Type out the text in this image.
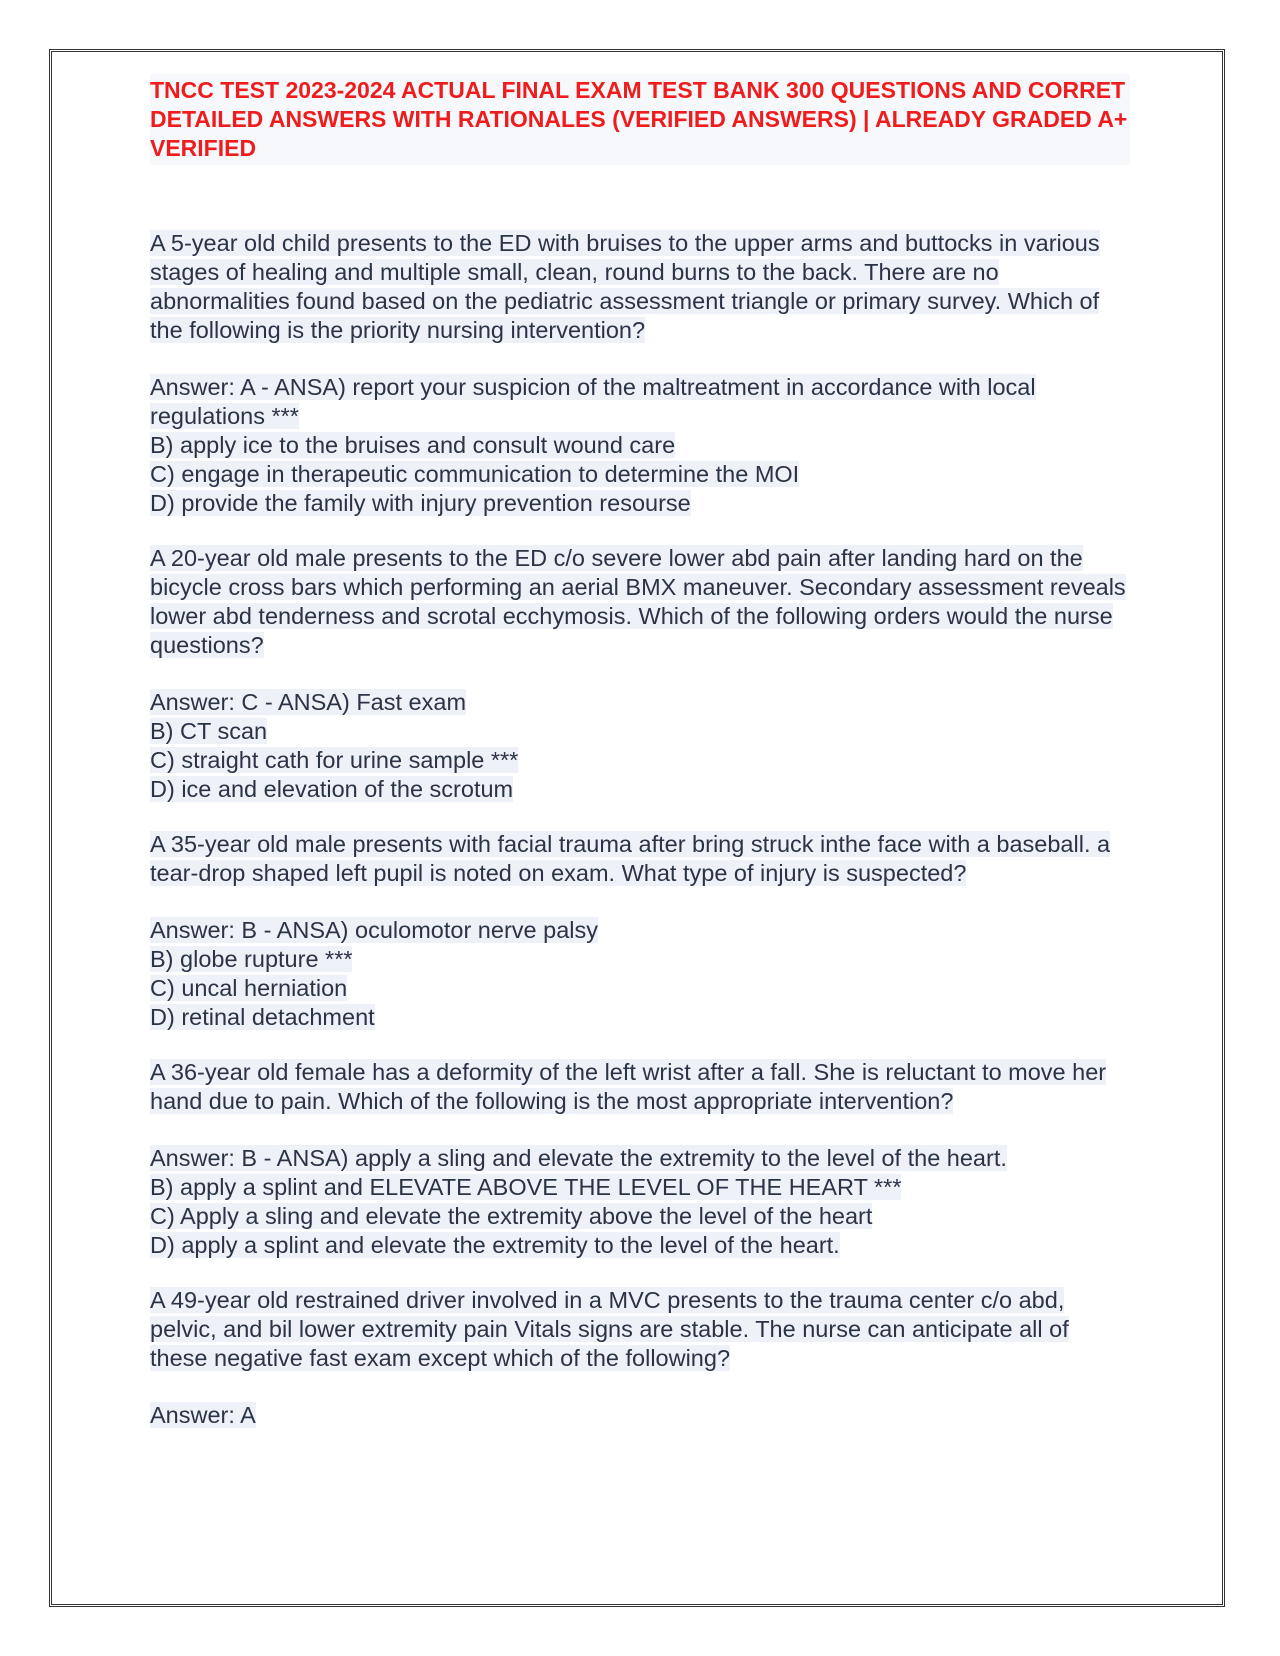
TNCC TEST 2023-2024 ACTUAL FINAL EXAM TEST BANK 300 QUESTIONS AND CORRET DETAILED ANSWERS WITH RATIONALES (VERIFIED ANSWERS) | ALREADY GRADED A+ VERIFIED

A 5-year old child presents to the ED with bruises to the upper arms and buttocks in various stages of healing and multiple small, clean, round burns to the back. There are no abnormalities found based on the pediatric assessment triangle or primary survey. Which of the following is the priority nursing intervention?

Answer: A - ANSA) report your suspicion of the maltreatment in accordance with local regulations ***

B) apply ice to the bruises and consult wound care

C) engage in therapeutic communication to determine the MOI

D) provide the family with injury prevention resourse

A 20-year old male presents to the ED c/o severe lower abd pain after landing hard on the bicycle cross bars which performing an aerial BMX maneuver. Secondary assessment reveals lower abd tenderness and scrotal ecchymosis. Which of the following orders would the nurse questions?

Answer: C - ANSA) Fast exam

B) CT scan

C) straight cath for urine sample ***

D) ice and elevation of the scrotum

A 35-year old male presents with facial trauma after bring struck inthe face with a baseball. a tear-drop shaped left pupil is noted on exam. What type of injury is suspected?

Answer: B - ANSA) oculomotor nerve palsy

B) globe rupture ***

C) uncal herniation

D) retinal detachment

A 36-year old female has a deformity of the left wrist after a fall. She is reluctant to move her hand due to pain. Which of the following is the most appropriate intervention?

Answer: B - ANSA) apply a sling and elevate the extremity to the level of the heart.

B) apply a splint and ELEVATE ABOVE THE LEVEL OF THE HEART ***

C) Apply a sling and elevate the extremity above the level of the heart

D) apply a splint and elevate the extremity to the level of the heart.

A 49-year old restrained driver involved in a MVC presents to the trauma center c/o abd, pelvic, and bil lower extremity pain Vitals signs are stable. The nurse can anticipate all of these negative fast exam except which of the following?

Answer: A
